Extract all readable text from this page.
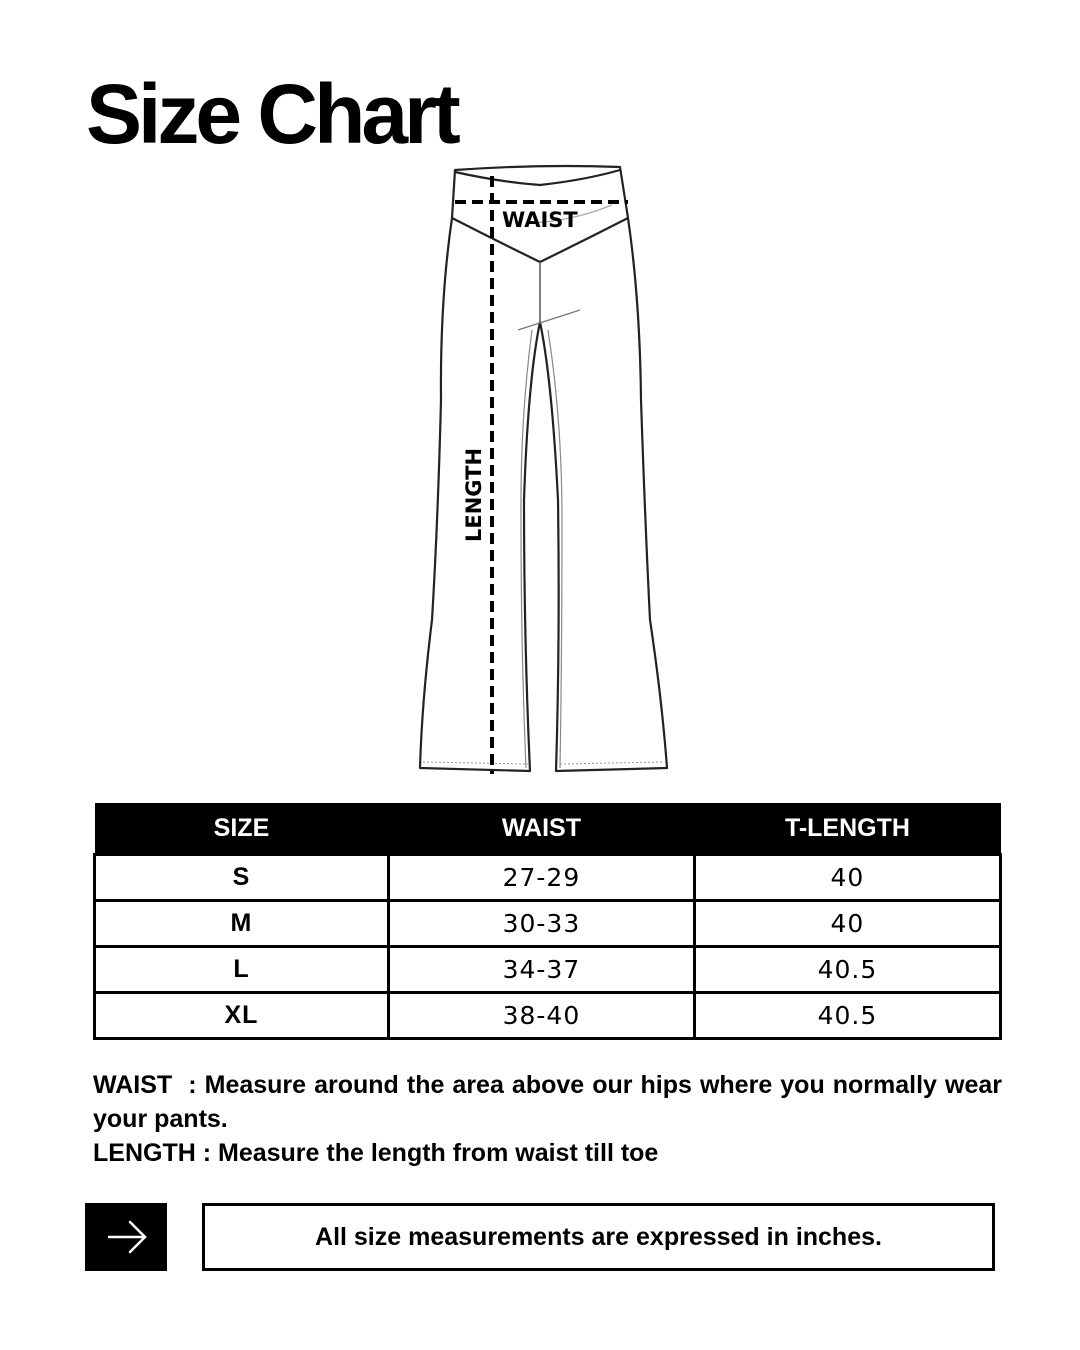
Size Chart
WAIST
LENGTH
SIZE	WAIST	T-LENGTH
S	27-29	40
M	30-33	40
L	34-37	40.5
XL	38-40	40.5

WAIST  : Measure around the area above our hips where you normally wear your pants.

LENGTH : Measure the length from waist till toe

All size measurements are expressed in inches.
